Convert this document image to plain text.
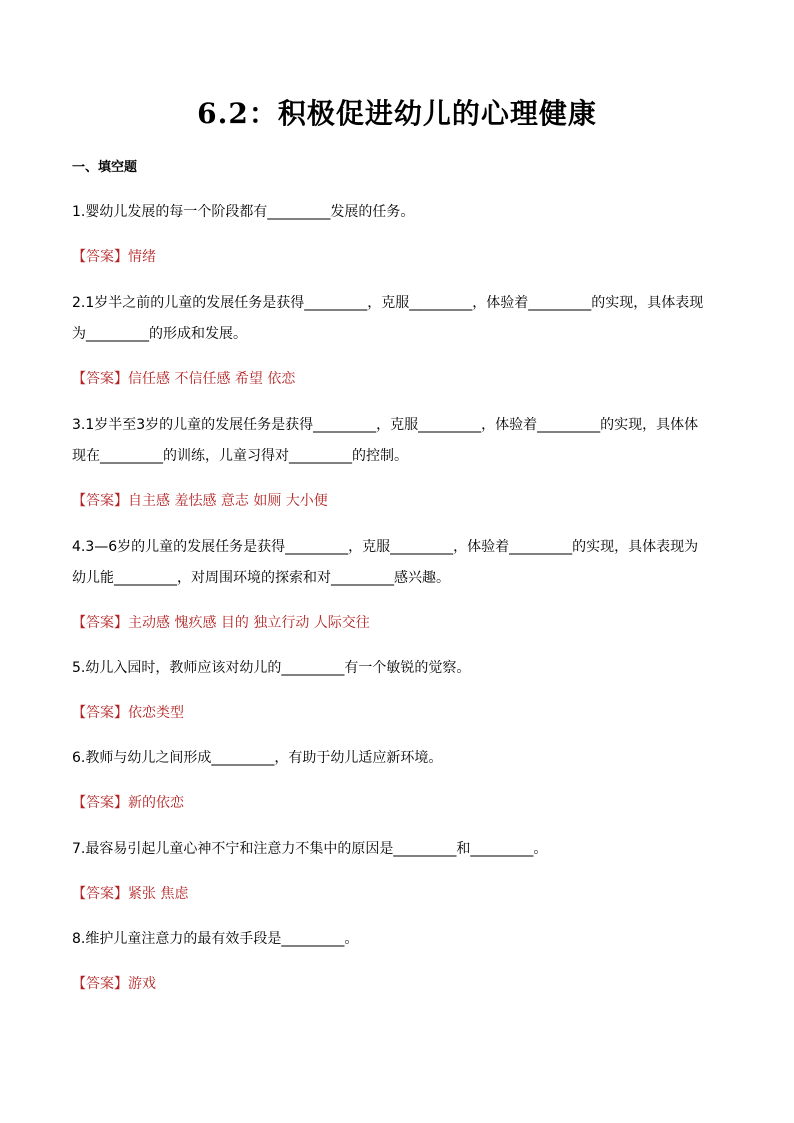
6.2：积极促进幼儿的心理健康
一、填空题
1.婴幼儿发展的每一个阶段都有_________发展的任务。
【答案】情绪
2.1岁半之前的儿童的发展任务是获得_________，克服_________，体验着_________的实现，具体表现
为_________的形成和发展。
【答案】信任感 不信任感 希望 依恋
3.1岁半至3岁的儿童的发展任务是获得_________，克服_________，体验着_________的实现，具体体
现在_________的训练，儿童习得对_________的控制。
【答案】自主感 羞怯感 意志 如厕 大小便
4.3—6岁的儿童的发展任务是获得_________，克服_________，体验着_________的实现，具体表现为
幼儿能_________，对周围环境的探索和对_________感兴趣。
【答案】主动感 愧疚感 目的 独立行动 人际交往
5.幼儿入园时，教师应该对幼儿的_________有一个敏锐的觉察。
【答案】依恋类型
6.教师与幼儿之间形成_________，有助于幼儿适应新环境。
【答案】新的依恋
7.最容易引起儿童心神不宁和注意力不集中的原因是_________和_________。
【答案】紧张 焦虑
8.维护儿童注意力的最有效手段是_________。
【答案】游戏
